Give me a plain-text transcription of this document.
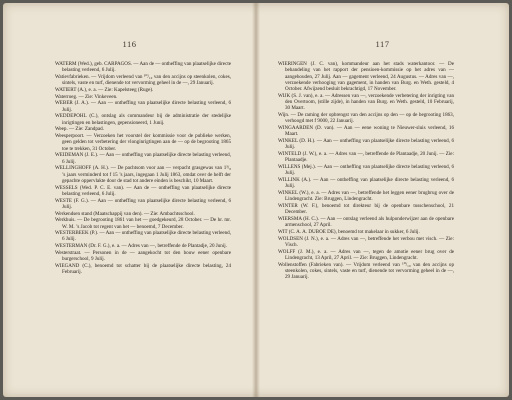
116

WATERM (Wed.), geb. CARPAGOS. — Aan de — ontheffing van plaatselijke directe belasting verleend, 6 Julij.

Watievfabrieken. — Vrijdom verleend van ¹⁰/₁₀ van den accijns op steenkolen, cokes, sintels, vaste en turf, dienende tot vervorming geheel in de —, 29 Januarij.

WATIERT (A.), e. a. — Zie: Kapelsteeg (Ruge).

Waterroeg. — Zie: Vinkeveen.

WEBER (J. A.). — Aan — ontheffing van plaatselijke directe belasting verleend, 6 Julij.

WEDDEPOHL (C.), ontslag als commandeur bij de administratie der stedelijke inrigtingen en belastingen, gepensioneerd, 1 Junij.

Weep. — Zie: Zandpad.

Weesperpoort. — Verzoeken het voorstel der kommissie voor de publieke werken, geen gelden tot verbetering der vlonginrigtingen aan de — op de begrooting 1865 toe te trekken, 31 October.

WEIDEMAN (J. E.). — Aan — ontheffing van plaatselijke directe belasting verleend, 6 Julij.

WELLINGHOFF (A. H.). — De pachtsom voor aan — verpacht grasgewas van 1³/₈ ’s jaars verminderd tot f 15 ’s jaars, ingegaan 1 Julij 1863, omdat over de helft der gepachte oppervlakte door de stad tot andere einden is beschikt, 10 Maart.

WESSELS (Wed. P. C. E. van). — Aan de — ontheffing van plaatselijke directe belasting verleend, 6 Julij.

WESTE (F. G.). — Aan — ontheffing van plaatselijke directe belasting verleend, 6 Julij.

Werkendsen stand (Maatschappij van den). — Zie: Ambachtsschool.

Werkhuis. — De begrooting 1861 van het — goedgekeurd, 28 October. — De hr. mr. W. M. ’s Jacob tot regent van het — benoemd, 7 December.

WESTERBEEK (P.). — Aan — ontheffing van plaatselijke directe belasting verleend, 6 Julij.

WESTERMAN (Dr. F. G.), e. a. — Adres van —, betreffende de Plantadje, 20 Junij.

Westerstraat. — Personen in de — aangekocht tot den bouw eener openbare burgerschool, 9 Julij.

WIEGAND (C.), benoemd tot schatter bij de plaatselijke directe belasting, 24 Februarij.

117

WIERINGEN (J. C. van), kommandeur aan het stads waterkantoor. — De behandeling van het rapport der pensioen-kommissie op het adres van — aangehouden, 27 Julij. Aan — gagement verleend, 24 Augustus. — Adres van —, verzoekende verhooging van gagement, in handen van Burg. en Weth. gesteld, 4 October. Afwijzend besluit bekrachtigd, 17 November.

WIJK (S. J. van), e. a. — Adressen van —, verzoekende verbetering der inrigting van den Overtoom, (stille zijde), in handen van Burg. en Weth. gesteld, 10 Februarij, 30 Maart.

Wijn. — De raming der opbrengst van den accijns op den — op de begrooting 1863, verhoogd met f 9000, 22 Januarij.

WINGAARDEN (D. van). — Aan — eene woning te Nieuwer-sluis verleend, 16 Maart.

WINKEL (D. H.). — Aan — ontheffing van plaatselijke directe belasting verleend, 6 Julij.

WINTELD (J. W.), e. a. — Adres van —, betreffende de Plantaadje, 20 Junij. — Zie: Plantaadje.

WILLENS (Mej.). — Aan — ontheffing van plaatselijke directe belasting verleend, 6 Julij.

WILLINK (A.). — Aan — ontheffing van plaatselijke directe belasting verleend, 6 Julij.

WINKEL (W.), e. a. — Adres van —, betreffende het leggen eener brugbrug over de Lindengracht. Zie: Bruggen, Lindengracht.

WINTER (W. F.), benoemd tot direkteur bij de openbare tusschenschool, 21 December.

WIERSMA (H. C.). — Aan — ontslag verleend als hulponderwijzer aan de openbare armenschool, 27 April.

WIT (C. A. A. DUBOE DE), benoemd tot makelaar in sukker, 6 Julij.

WOLDSEN (J. N.), e. a. — Adres van —, betreffende het verbou met visch. — Zie: Visch.

WOLFF (J. M.), e. a. — Adres van —, tegen de amotie eener brug over de Lindengracht, 13 April, 27 April. — Zie: Bruggen, Lindengracht.

Wollenstoffen (Fabrieken van). — Vrijdom verleend van ¹⁰/₁₀ van den accijns op steenkolen, cokes, sintels, vaste en turf, dienende tot vervorming geheel in de —, 29 Januarij.
